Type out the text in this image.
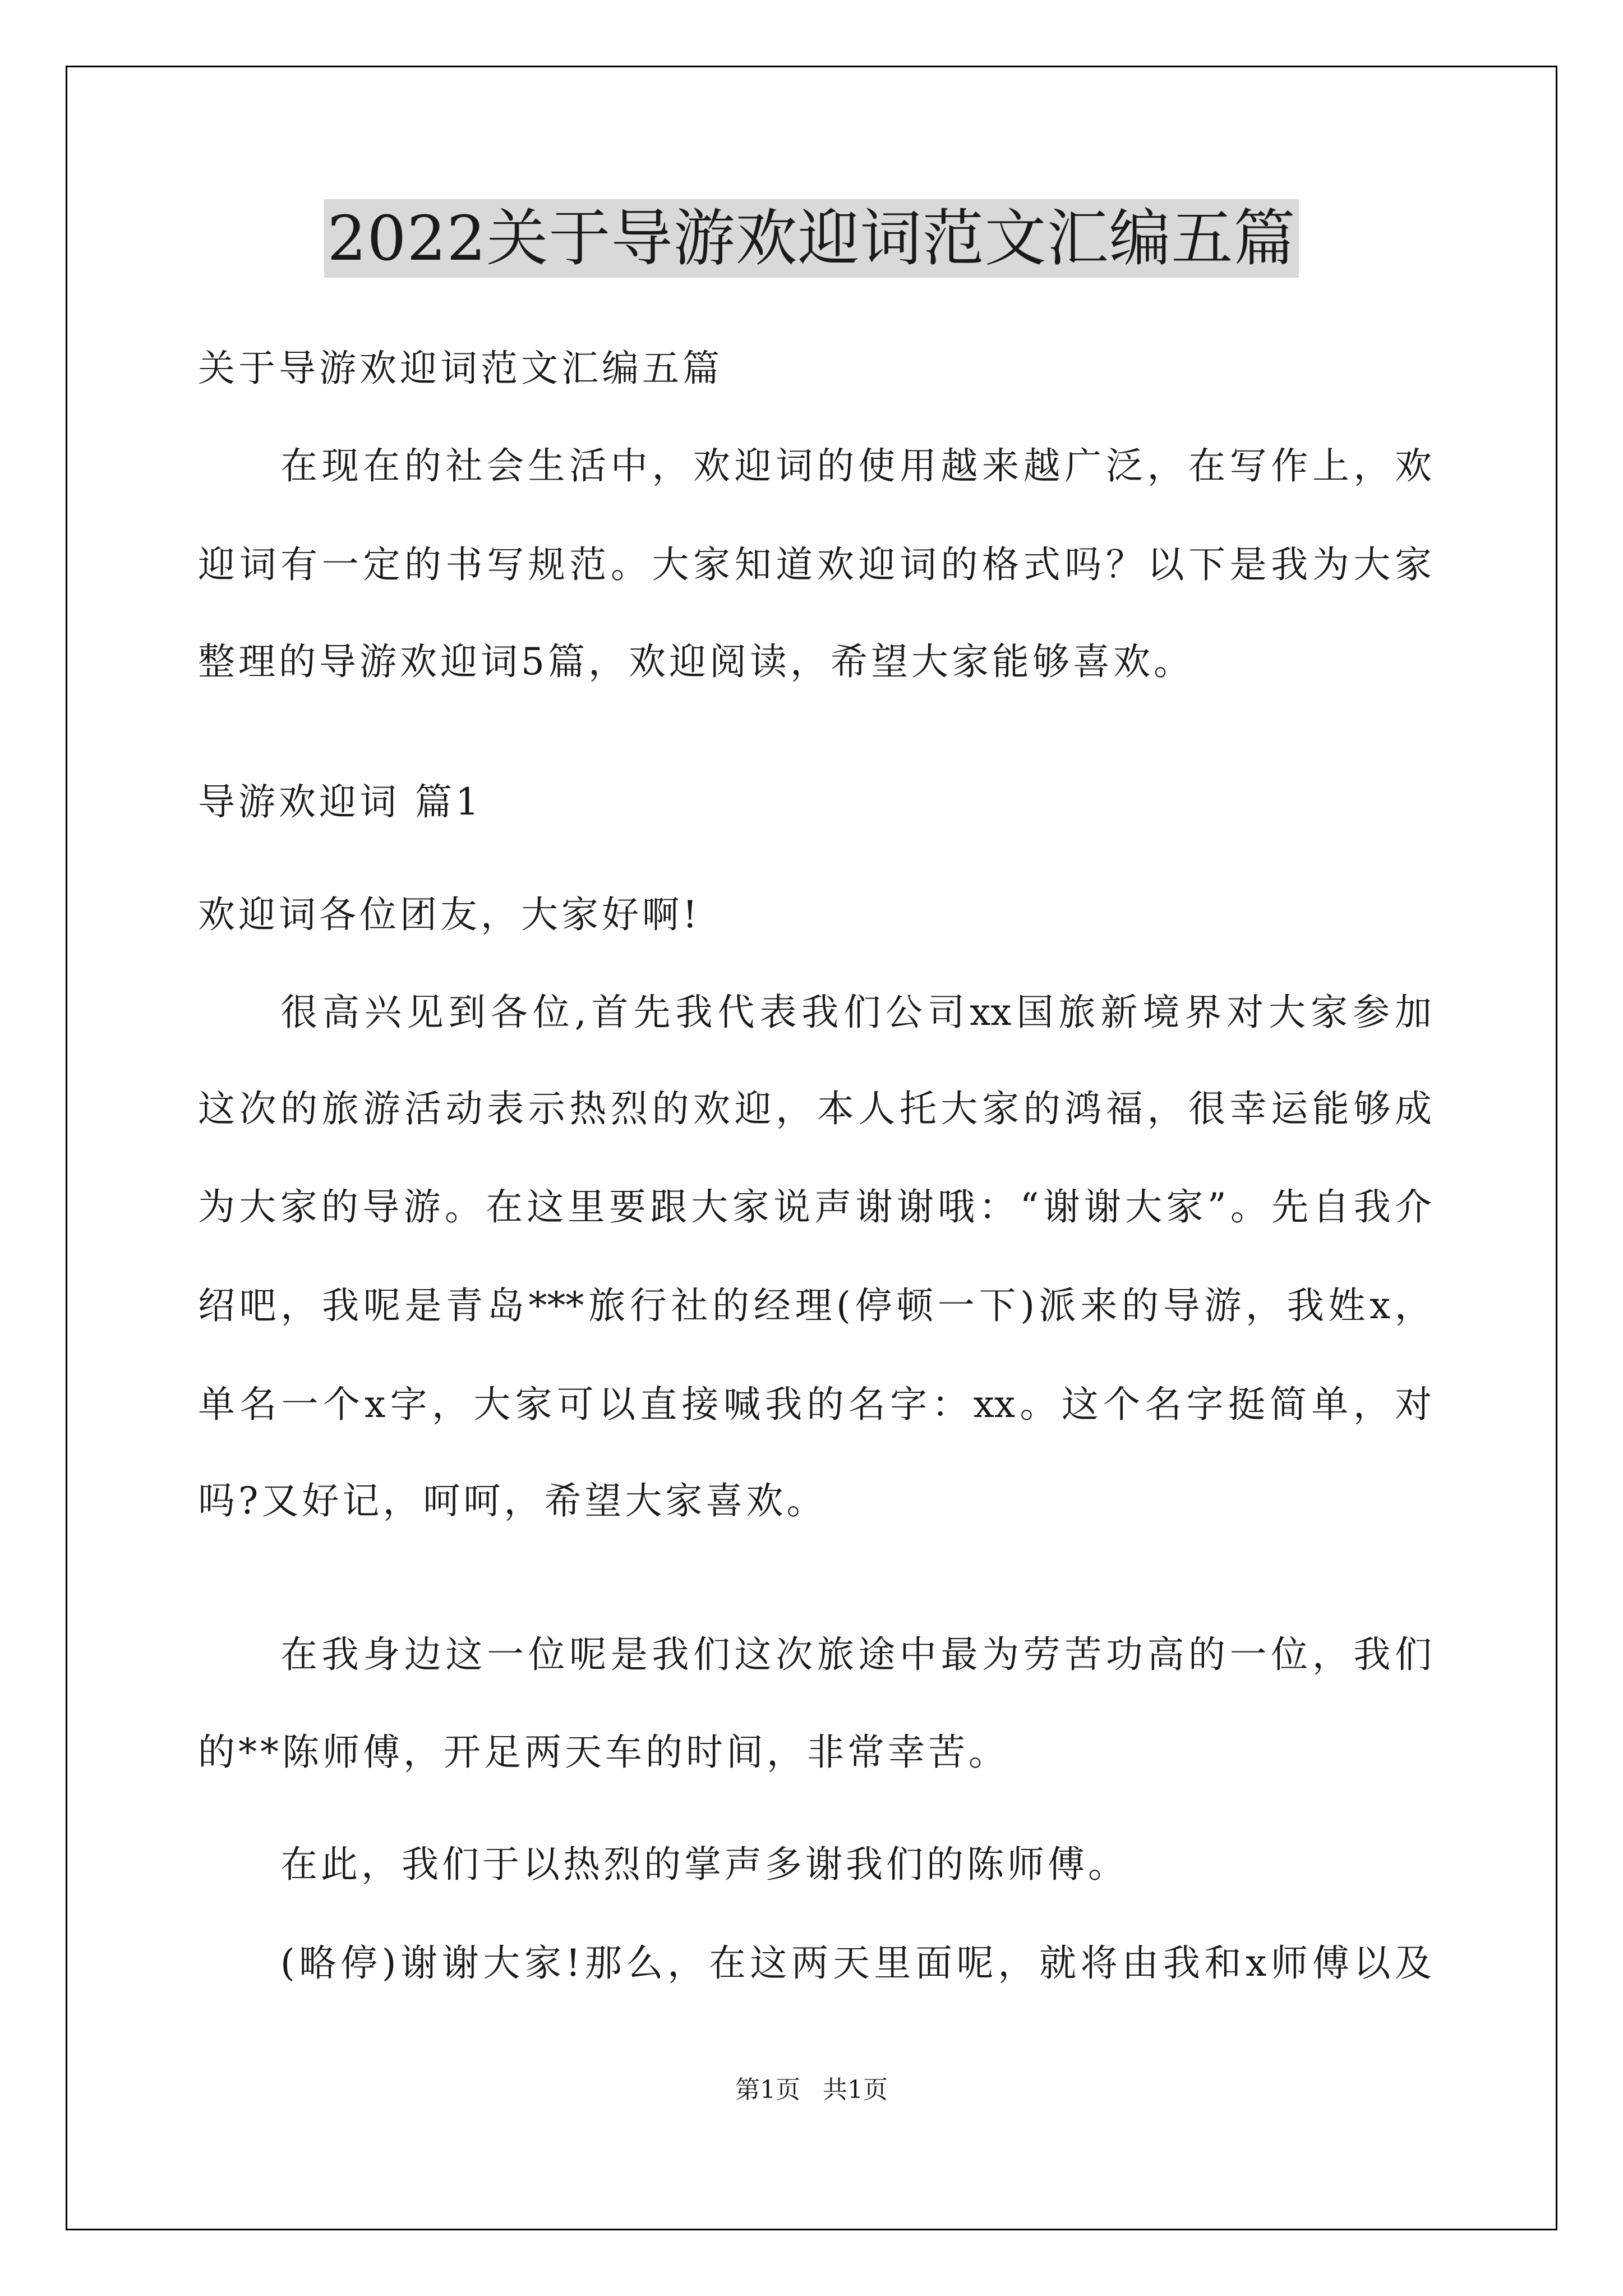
2022关于导游欢迎词范文汇编五篇
关于导游欢迎词范文汇编五篇
在现在的社会生活中，欢迎词的使用越来越广泛，在写作上，欢
迎词有一定的书写规范。大家知道欢迎词的格式吗？以下是我为大家
整理的导游欢迎词5篇，欢迎阅读，希望大家能够喜欢。
导游欢迎词 篇1
欢迎词各位团友，大家好啊!
很高兴见到各位,首先我代表我们公司xx国旅新境界对大家参加
这次的旅游活动表示热烈的欢迎，本人托大家的鸿福，很幸运能够成
为大家的导游。在这里要跟大家说声谢谢哦：“谢谢大家”。先自我介
绍吧，我呢是青岛***旅行社的经理(停顿一下)派来的导游，我姓x，
单名一个x字，大家可以直接喊我的名字：xx。这个名字挺简单，对
吗?又好记，呵呵，希望大家喜欢。
在我身边这一位呢是我们这次旅途中最为劳苦功高的一位，我们
的**陈师傅，开足两天车的时间，非常幸苦。
在此，我们于以热烈的掌声多谢我们的陈师傅。
(略停)谢谢大家!那么，在这两天里面呢，就将由我和x师傅以及
第1页 共1页
